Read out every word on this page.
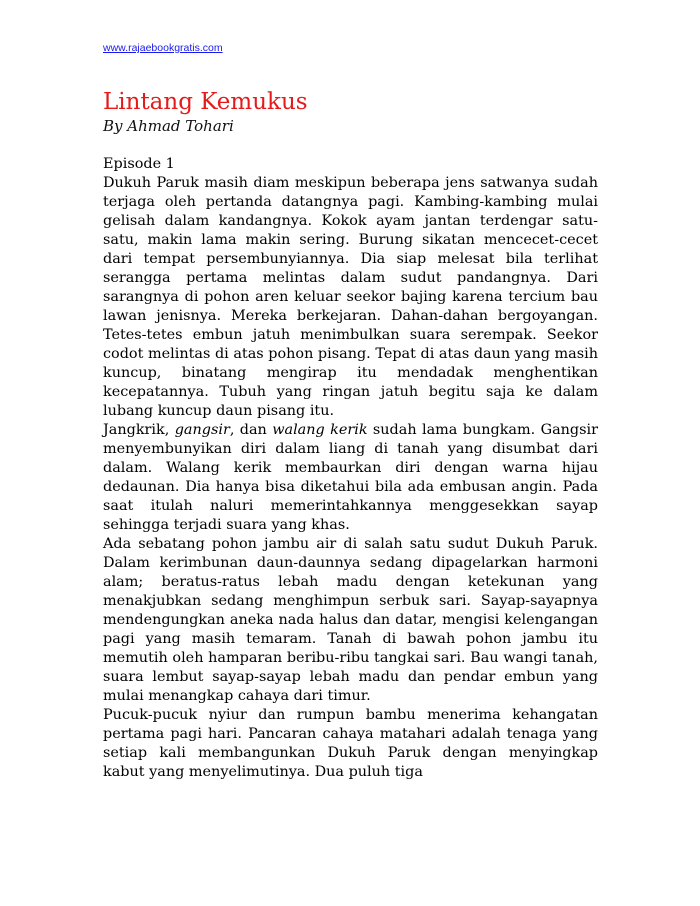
www.rajaebookgratis.com
Lintang Kemukus
By Ahmad Tohari
Episode 1

Dukuh Paruk masih diam meskipun beberapa jens satwanya sudah terjaga oleh pertanda datangnya pagi. Kambing-kambing mulai gelisah dalam kandangnya. Kokok ayam jantan terdengar satu-satu, makin lama makin sering. Burung sikatan mencecet-cecet dari tempat persembunyiannya. Dia siap melesat bila terlihat serangga pertama melintas dalam sudut pandangnya. Dari sarangnya di pohon aren keluar seekor bajing karena tercium bau lawan jenisnya. Mereka berkejaran. Dahan-dahan bergoyangan. Tetes-tetes embun jatuh menimbulkan suara serempak. Seekor codot melintas di atas pohon pisang. Tepat di atas daun yang masih kuncup, binatang mengirap itu mendadak menghentikan kecepatannya. Tubuh yang ringan jatuh begitu saja ke dalam lubang kuncup daun pisang itu.

Jangkrik, gangsir, dan walang kerik sudah lama bungkam. Gangsir menyembunyikan diri dalam liang di tanah yang disumbat dari dalam. Walang kerik membaurkan diri dengan warna hijau dedaunan. Dia hanya bisa diketahui bila ada embusan angin. Pada saat itulah naluri memerintahkannya menggesekkan sayap sehingga terjadi suara yang khas.

Ada sebatang pohon jambu air di salah satu sudut Dukuh Paruk. Dalam kerimbunan daun-daunnya sedang dipagelarkan harmoni alam; beratus-ratus lebah madu dengan ketekunan yang menakjubkan sedang menghimpun serbuk sari. Sayap-sayapnya mendengungkan aneka nada halus dan datar, mengisi kelengangan pagi yang masih temaram. Tanah di bawah pohon jambu itu memutih oleh hamparan beribu-ribu tangkai sari. Bau wangi tanah, suara lembut sayap-sayap lebah madu dan pendar embun yang mulai menangkap cahaya dari timur.

Pucuk-pucuk nyiur dan rumpun bambu menerima kehangatan pertama pagi hari. Pancaran cahaya matahari adalah tenaga yang setiap kali membangunkan Dukuh Paruk dengan menyingkap kabut yang menyelimutinya. Dua puluh tiga
